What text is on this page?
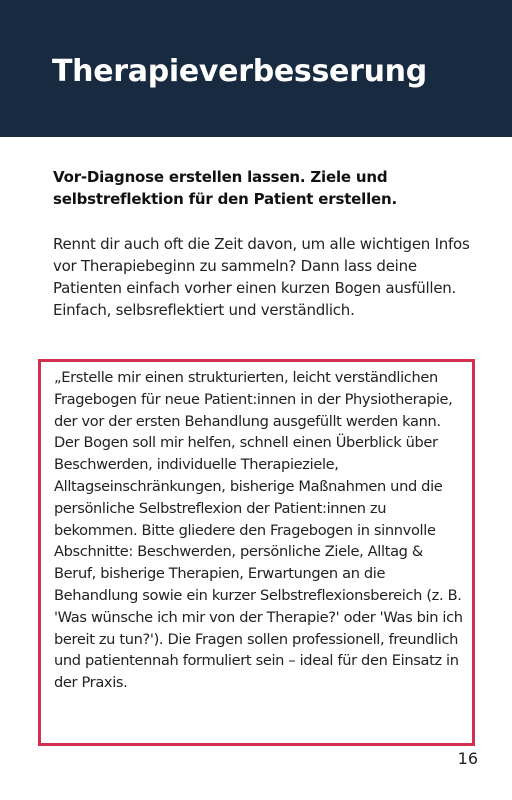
Therapieverbesserung

Vor-Diagnose erstellen lassen. Ziele und selbstreflektion für den Patient erstellen.

Rennt dir auch oft die Zeit davon, um alle wichtigen Infos vor Therapiebeginn zu sammeln? Dann lass deine Patienten einfach vorher einen kurzen Bogen ausfüllen. Einfach, selbsreflektiert und verständlich.

„Erstelle mir einen strukturierten, leicht verständlichen Fragebogen für neue Patient:innen in der Physiotherapie, der vor der ersten Behandlung ausgefüllt werden kann. Der Bogen soll mir helfen, schnell einen Überblick über Beschwerden, individuelle Therapieziele, Alltagseinschränkungen, bisherige Maßnahmen und die persönliche Selbstreflexion der Patient:innen zu bekommen. Bitte gliedere den Fragebogen in sinnvolle Abschnitte: Beschwerden, persönliche Ziele, Alltag & Beruf, bisherige Therapien, Erwartungen an die Behandlung sowie ein kurzer Selbstreflexionsbereich (z. B. 'Was wünsche ich mir von der Therapie?' oder 'Was bin ich bereit zu tun?'). Die Fragen sollen professionell, freundlich und patientennah formuliert sein – ideal für den Einsatz in der Praxis.

16
